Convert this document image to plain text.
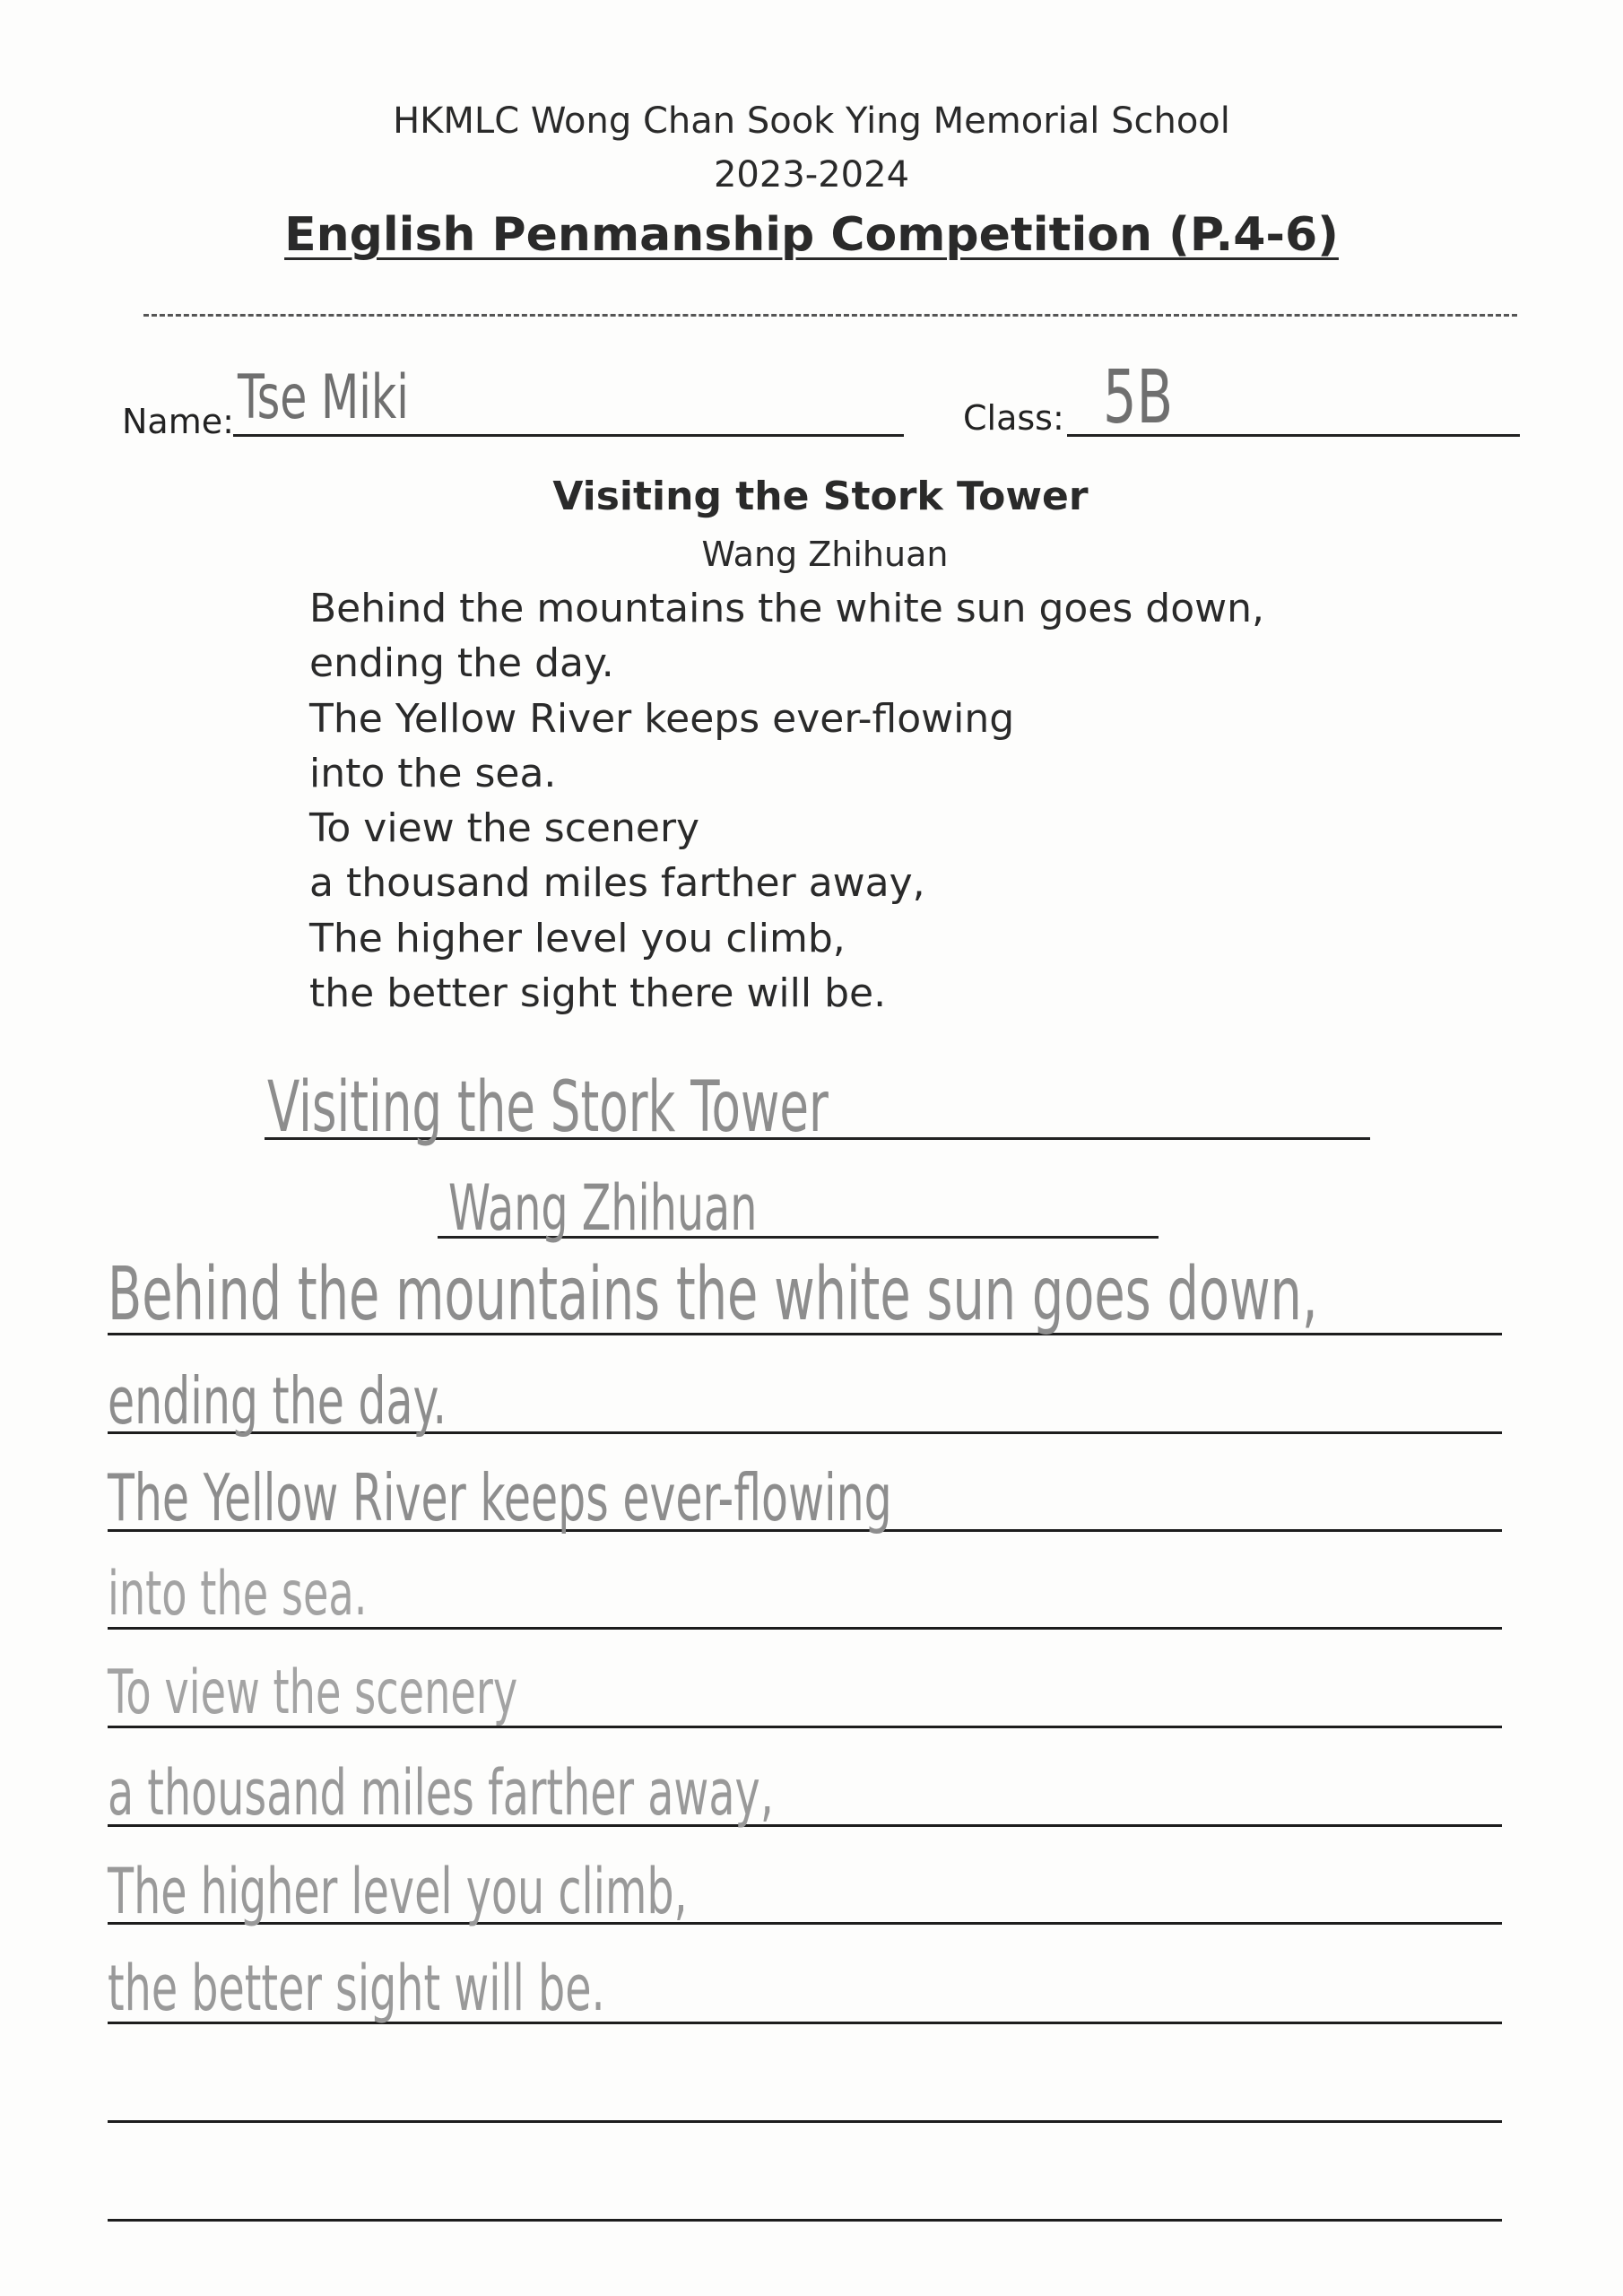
HKMLC Wong Chan Sook Ying Memorial School
2023-2024
English Penmanship Competition (P.4-6)
Name: Tse Miki	Class: 5B
Visiting the Stork Tower
Wang Zhihuan
Behind the mountains the white sun goes down,
ending the day.
The Yellow River keeps ever-flowing
into the sea.
To view the scenery
a thousand miles farther away,
The higher level you climb,
the better sight there will be.
Visiting the Stork Tower
Wang Zhihuan
Behind the mountains the white sun goes down,
ending the day.
The Yellow River keeps ever-flowing
into the sea.
To view the scenery
a thousand miles farther away,
The higher level you climb,
the better sight will be.
